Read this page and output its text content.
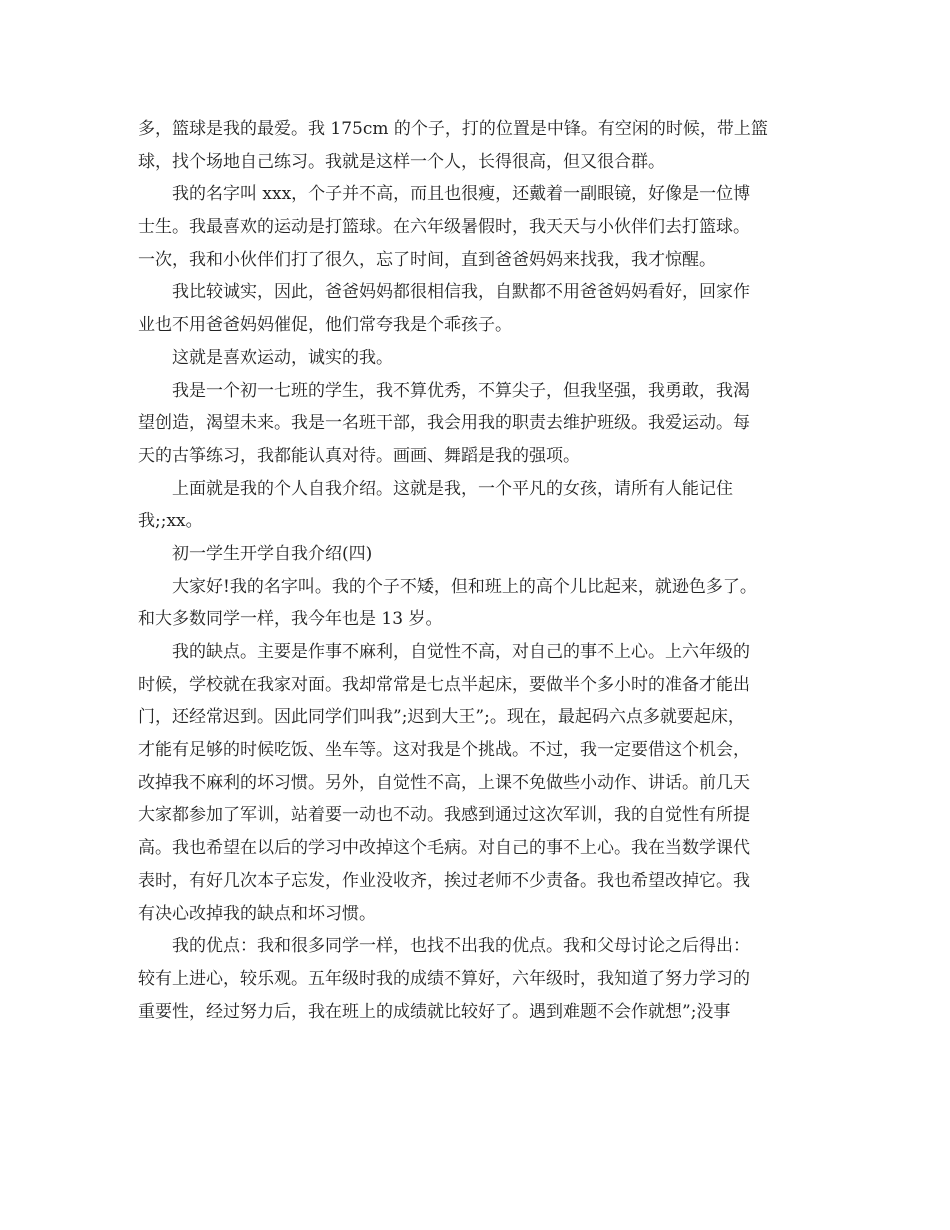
多，篮球是我的最爱。我 175cm 的个子，打的位置是中锋。有空闲的时候，带上篮
球，找个场地自己练习。我就是这样一个人，长得很高，但又很合群。
我的名字叫 xxx，个子并不高，而且也很瘦，还戴着一副眼镜，好像是一位博
士生。我最喜欢的运动是打篮球。在六年级暑假时，我天天与小伙伴们去打篮球。
一次，我和小伙伴们打了很久，忘了时间，直到爸爸妈妈来找我，我才惊醒。
我比较诚实，因此，爸爸妈妈都很相信我，自默都不用爸爸妈妈看好，回家作
业也不用爸爸妈妈催促，他们常夸我是个乖孩子。
这就是喜欢运动，诚实的我。
我是一个初一七班的学生，我不算优秀，不算尖子，但我坚强，我勇敢，我渴
望创造，渴望未来。我是一名班干部，我会用我的职责去维护班级。我爱运动。每
天的古筝练习，我都能认真对待。画画、舞蹈是我的强项。
上面就是我的个人自我介绍。这就是我，一个平凡的女孩，请所有人能记住
我;;xx。
初一学生开学自我介绍(四)
大家好!我的名字叫。我的个子不矮，但和班上的高个儿比起来，就逊色多了。
和大多数同学一样，我今年也是 13 岁。
我的缺点。主要是作事不麻利，自觉性不高，对自己的事不上心。上六年级的
时候，学校就在我家对面。我却常常是七点半起床，要做半个多小时的准备才能出
门，还经常迟到。因此同学们叫我”;迟到大王”;。现在，最起码六点多就要起床，
才能有足够的时候吃饭、坐车等。这对我是个挑战。不过，我一定要借这个机会，
改掉我不麻利的坏习惯。另外，自觉性不高，上课不免做些小动作、讲话。前几天
大家都参加了军训，站着要一动也不动。我感到通过这次军训，我的自觉性有所提
高。我也希望在以后的学习中改掉这个毛病。对自己的事不上心。我在当数学课代
表时，有好几次本子忘发，作业没收齐，挨过老师不少责备。我也希望改掉它。我
有决心改掉我的缺点和坏习惯。
我的优点：我和很多同学一样，也找不出我的优点。我和父母讨论之后得出：
较有上进心，较乐观。五年级时我的成绩不算好，六年级时，我知道了努力学习的
重要性，经过努力后，我在班上的成绩就比较好了。遇到难题不会作就想”;没事
